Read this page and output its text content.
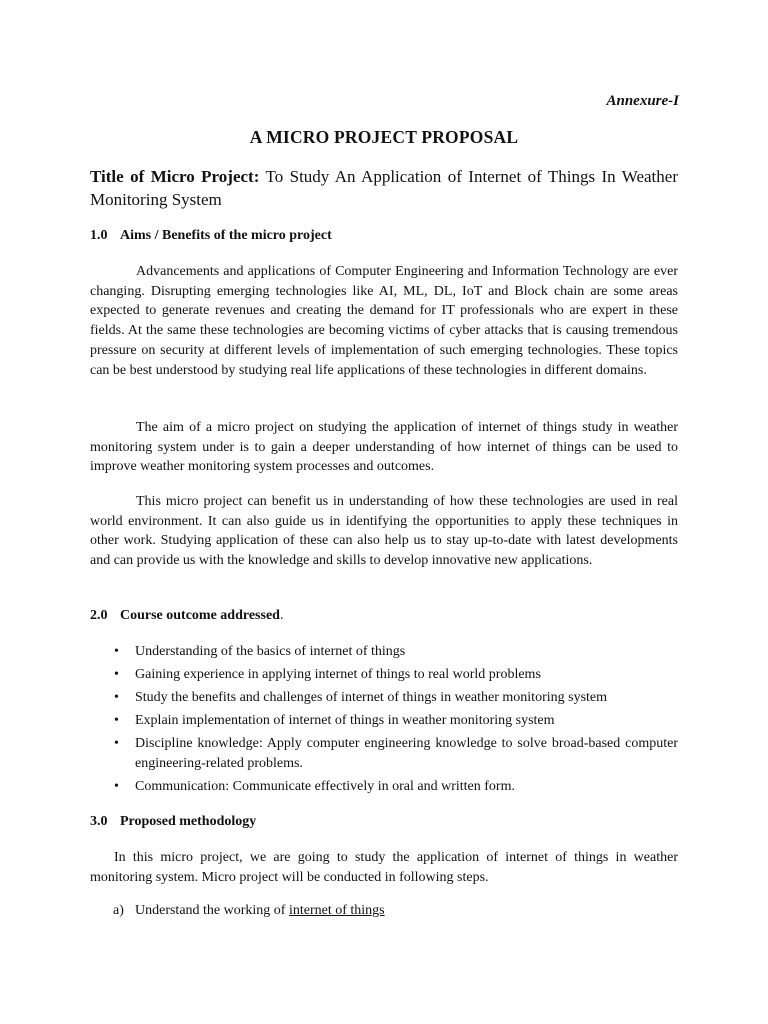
Annexure-I
A MICRO PROJECT PROPOSAL
Title of Micro Project: To Study An Application of Internet of Things In Weather Monitoring System
1.0 Aims / Benefits of the micro project
Advancements and applications of Computer Engineering and Information Technology are ever changing. Disrupting emerging technologies like AI, ML, DL, IoT and Block chain are some areas expected to generate revenues and creating the demand for IT professionals who are expert in these fields. At the same these technologies are becoming victims of cyber attacks that is causing tremendous pressure on security at different levels of implementation of such emerging technologies. These topics can be best understood by studying real life applications of these technologies in different domains.
The aim of a micro project on studying the application of internet of things study in weather monitoring system under is to gain a deeper understanding of how internet of things can be used to improve weather monitoring system processes and outcomes.
This micro project can benefit us in understanding of how these technologies are used in real world environment. It can also guide us in identifying the opportunities to apply these techniques in other work. Studying application of these can also help us to stay up-to-date with latest developments and can provide us with the knowledge and skills to develop innovative new applications.
2.0 Course outcome addressed.
• Understanding of the basics of internet of things
• Gaining experience in applying internet of things to real world problems
• Study the benefits and challenges of internet of things in weather monitoring system
• Explain implementation of internet of things in weather monitoring system
• Discipline knowledge: Apply computer engineering knowledge to solve broad-based computer engineering-related problems.
• Communication: Communicate effectively in oral and written form.
3.0 Proposed methodology
In this micro project, we are going to study the application of internet of things in weather monitoring system. Micro project will be conducted in following steps.
a) Understand the working of internet of things
